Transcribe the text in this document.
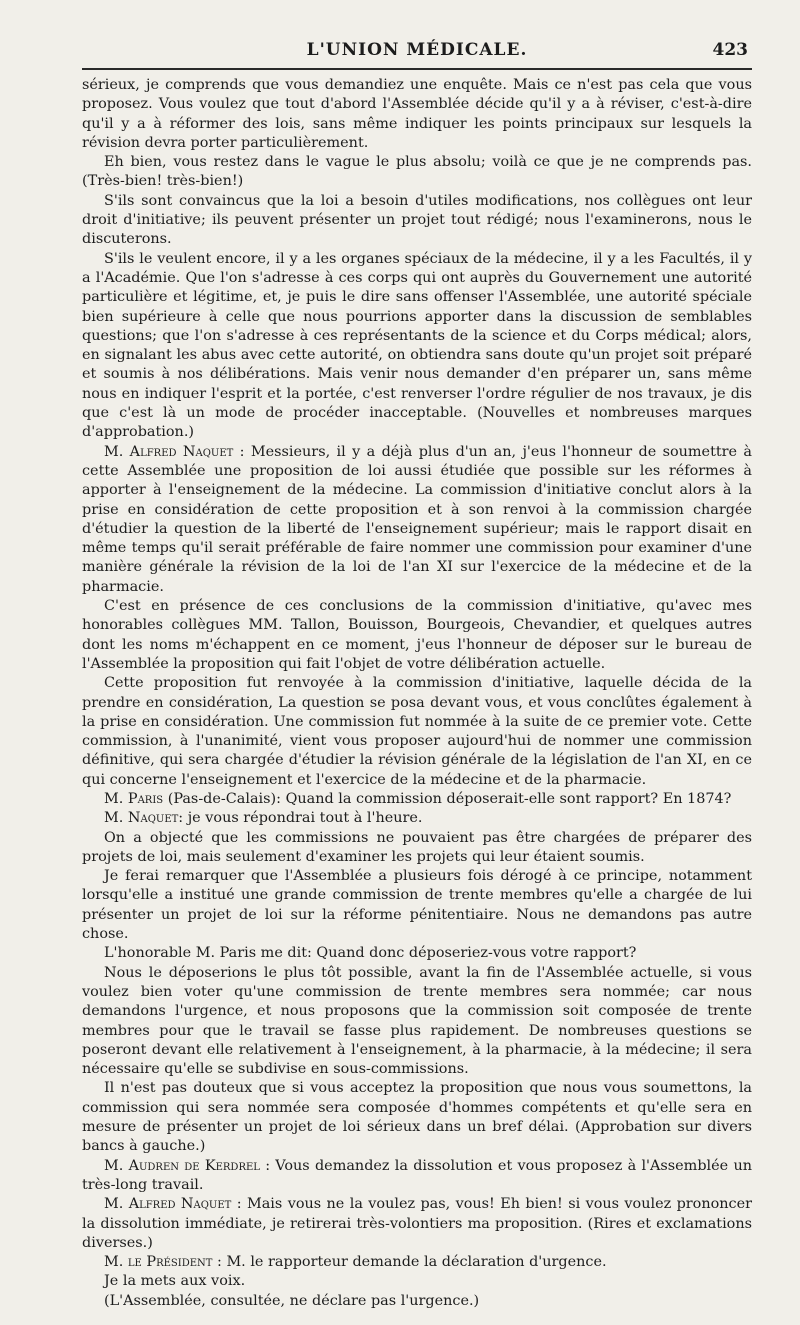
L'UNION MÉDICALE.	423

sérieux, je comprends que vous demandiez une enquête. Mais ce n'est pas cela que vous proposez. Vous voulez que tout d'abord l'Assemblée décide qu'il y a à réviser, c'est-à-dire qu'il y a à réformer des lois, sans même indiquer les points principaux sur lesquels la révision devra porter particulièrement.

Eh bien, vous restez dans le vague le plus absolu; voilà ce que je ne comprends pas. (Très-bien! très-bien!)

S'ils sont convaincus que la loi a besoin d'utiles modifications, nos collègues ont leur droit d'initiative; ils peuvent présenter un projet tout rédigé; nous l'examinerons, nous le discuterons.

S'ils le veulent encore, il y a les organes spéciaux de la médecine, il y a les Facultés, il y a l'Académie. Que l'on s'adresse à ces corps qui ont auprès du Gouvernement une autorité particulière et légitime, et, je puis le dire sans offenser l'Assemblée, une autorité spéciale bien supérieure à celle que nous pourrions apporter dans la discussion de semblables questions; que l'on s'adresse à ces représentants de la science et du Corps médical; alors, en signalant les abus avec cette autorité, on obtiendra sans doute qu'un projet soit préparé et soumis à nos délibérations. Mais venir nous demander d'en préparer un, sans même nous en indiquer l'esprit et la portée, c'est renverser l'ordre régulier de nos travaux, je dis que c'est là un mode de procéder inacceptable. (Nouvelles et nombreuses marques d'approbation.)

M. Alfred Naquet : Messieurs, il y a déjà plus d'un an, j'eus l'honneur de soumettre à cette Assemblée une proposition de loi aussi étudiée que possible sur les réformes à apporter à l'enseignement de la médecine. La commission d'initiative conclut alors à la prise en considération de cette proposition et à son renvoi à la commission chargée d'étudier la question de la liberté de l'enseignement supérieur; mais le rapport disait en même temps qu'il serait préférable de faire nommer une commission pour examiner d'une manière générale la révision de la loi de l'an XI sur l'exercice de la médecine et de la pharmacie.

C'est en présence de ces conclusions de la commission d'initiative, qu'avec mes honorables collègues MM. Tallon, Bouisson, Bourgeois, Chevandier, et quelques autres dont les noms m'échappent en ce moment, j'eus l'honneur de déposer sur le bureau de l'Assemblée la proposition qui fait l'objet de votre délibération actuelle.

Cette proposition fut renvoyée à la commission d'initiative, laquelle décida de la prendre en considération, La question se posa devant vous, et vous conclûtes également à la prise en considération. Une commission fut nommée à la suite de ce premier vote. Cette commission, à l'unanimité, vient vous proposer aujourd'hui de nommer une commission définitive, qui sera chargée d'étudier la révision générale de la législation de l'an XI, en ce qui concerne l'enseignement et l'exercice de la médecine et de la pharmacie.

M. Paris (Pas-de-Calais): Quand la commission déposerait-elle sont rapport? En 1874?

M. Naquet: je vous répondrai tout à l'heure.

On a objecté que les commissions ne pouvaient pas être chargées de préparer des projets de loi, mais seulement d'examiner les projets qui leur étaient soumis.

Je ferai remarquer que l'Assemblée a plusieurs fois dérogé à ce principe, notamment lorsqu'elle a institué une grande commission de trente membres qu'elle a chargée de lui présenter un projet de loi sur la réforme pénitentiaire. Nous ne demandons pas autre chose.

L'honorable M. Paris me dit: Quand donc déposeriez-vous votre rapport?

Nous le déposerions le plus tôt possible, avant la fin de l'Assemblée actuelle, si vous voulez bien voter qu'une commission de trente membres sera nommée; car nous demandons l'urgence, et nous proposons que la commission soit composée de trente membres pour que le travail se fasse plus rapidement. De nombreuses questions se poseront devant elle relativement à l'enseignement, à la pharmacie, à la médecine; il sera nécessaire qu'elle se subdivise en sous-commissions.

Il n'est pas douteux que si vous acceptez la proposition que nous vous soumettons, la commission qui sera nommée sera composée d'hommes compétents et qu'elle sera en mesure de présenter un projet de loi sérieux dans un bref délai. (Approbation sur divers bancs à gauche.)

M. Audren de Kerdrel : Vous demandez la dissolution et vous proposez à l'Assemblée un très-long travail.

M. Alfred Naquet : Mais vous ne la voulez pas, vous! Eh bien! si vous voulez prononcer la dissolution immédiate, je retirerai très-volontiers ma proposition. (Rires et exclamations diverses.)

M. le Président : M. le rapporteur demande la déclaration d'urgence.

Je la mets aux voix.

(L'Assemblée, consultée, ne déclare pas l'urgence.)
